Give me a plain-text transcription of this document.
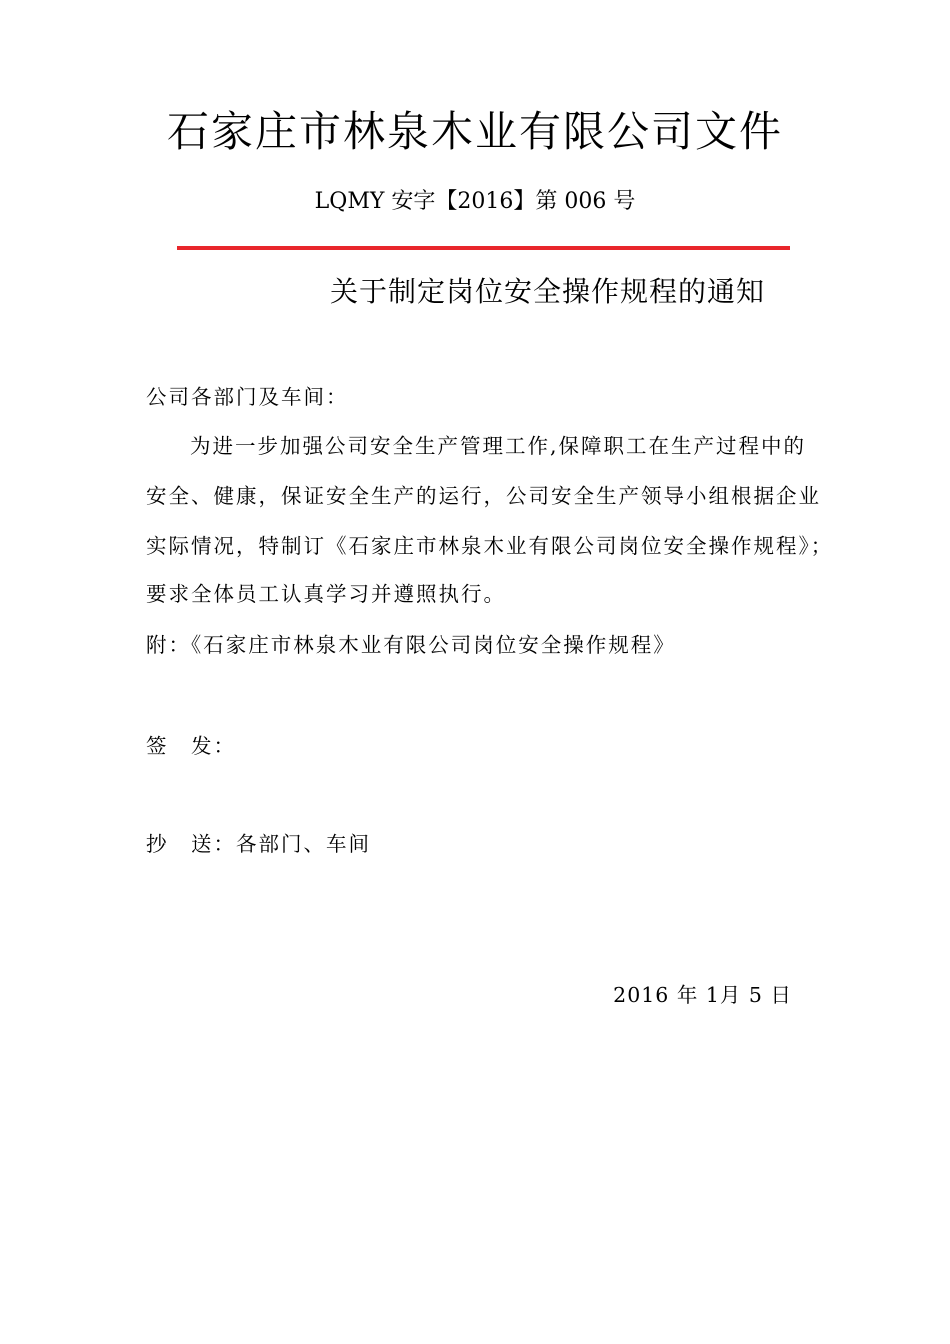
石家庄市林泉木业有限公司文件
LQMY 安字【2016】第 006 号
关于制定岗位安全操作规程的通知
公司各部门及车间：
为进一步加强公司安全生产管理工作,保障职工在生产过程中的
安全、健康，保证安全生产的运行，公司安全生产领导小组根据企业
实际情况，特制订《石家庄市林泉木业有限公司岗位安全操作规程》；
要求全体员工认真学习并遵照执行。
附：《石家庄市林泉木业有限公司岗位安全操作规程》
签　发：
抄　送：各部门、车间
2016 年 1月 5 日
